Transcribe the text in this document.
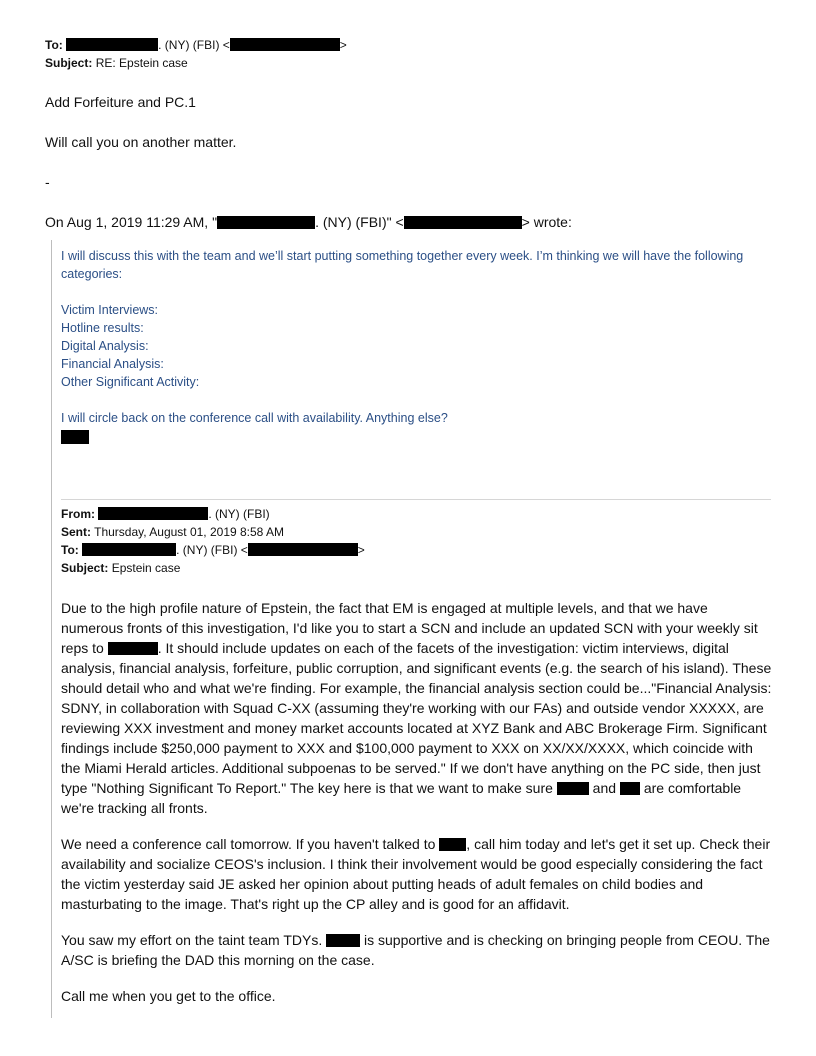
To:	. (NY) (FBI) <	>
Subject: RE: Epstein case
Add Forfeiture and PC.1
Will call you on another matter.
-
On Aug 1, 2019 11:29 AM, "	. (NY) (FBI)" <	> wrote:

I will discuss this with the team and we’ll start putting something together every week. I’m thinking we will have the following categories:

Victim Interviews:
Hotline results:
Digital Analysis:
Financial Analysis:
Other Significant Activity:

I will circle back on the conference call with availability. Anything else?

From:	. (NY) (FBI)
Sent: Thursday, August 01, 2019 8:58 AM
To:	. (NY) (FBI) <	>
Subject: Epstein case

Due to the high profile nature of Epstein, the fact that EM is engaged at multiple levels, and that we have numerous fronts of this investigation, I'd like you to start a SCN and include an updated SCN with your weekly sit reps to	. It should include updates on each of the facets of the investigation: victim interviews, digital analysis, financial analysis, forfeiture, public corruption, and significant events (e.g. the search of his island). These should detail who and what we're finding. For example, the financial analysis section could be..."Financial Analysis: SDNY, in collaboration with Squad C-XX (assuming they're working with our FAs) and outside vendor XXXXX, are reviewing XXX investment and money market accounts located at XYZ Bank and ABC Brokerage Firm. Significant findings include $250,000 payment to XXX and $100,000 payment to XXX on XX/XX/XXXX, which coincide with the Miami Herald articles. Additional subpoenas to be served." If we don't have anything on the PC side, then just type "Nothing Significant To Report." The key here is that we want to make sure  and  are comfortable we're tracking all fronts.

We need a conference call tomorrow. If you haven't talked to , call him today and let's get it set up. Check their availability and socialize CEOS's inclusion. I think their involvement would be good especially considering the fact the victim yesterday said JE asked her opinion about putting heads of adult females on child bodies and masturbating to the image. That's right up the CP alley and is good for an affidavit.

You saw my effort on the taint team TDYs.  is supportive and is checking on bringing people from CEOU. The A/SC is briefing the DAD this morning on the case.

Call me when you get to the office.
